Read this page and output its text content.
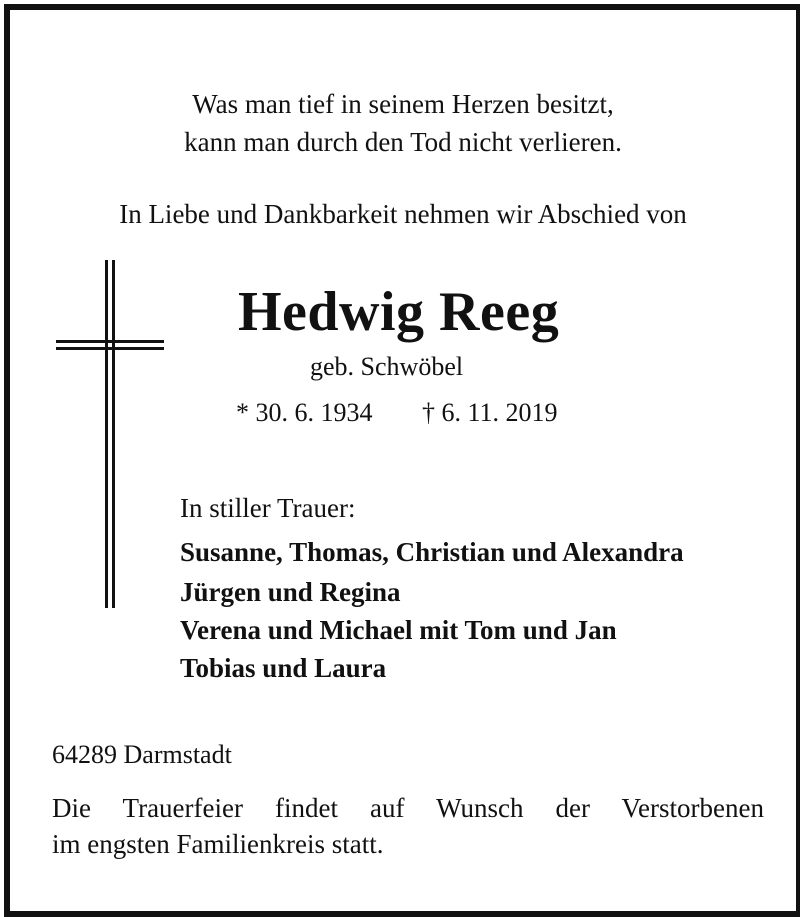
Was man tief in seinem Herzen besitzt,
kann man durch den Tod nicht verlieren.
In Liebe und Dankbarkeit nehmen wir Abschied von
Hedwig Reeg
geb. Schwöbel
* 30. 6. 1934 † 6. 11. 2019
In stiller Trauer:
Susanne, Thomas, Christian und Alexandra
Jürgen und Regina
Verena und Michael mit Tom und Jan
Tobias und Laura
64289 Darmstadt
Die Trauerfeier findet auf Wunsch der Verstorbenen
im engsten Familienkreis statt.
